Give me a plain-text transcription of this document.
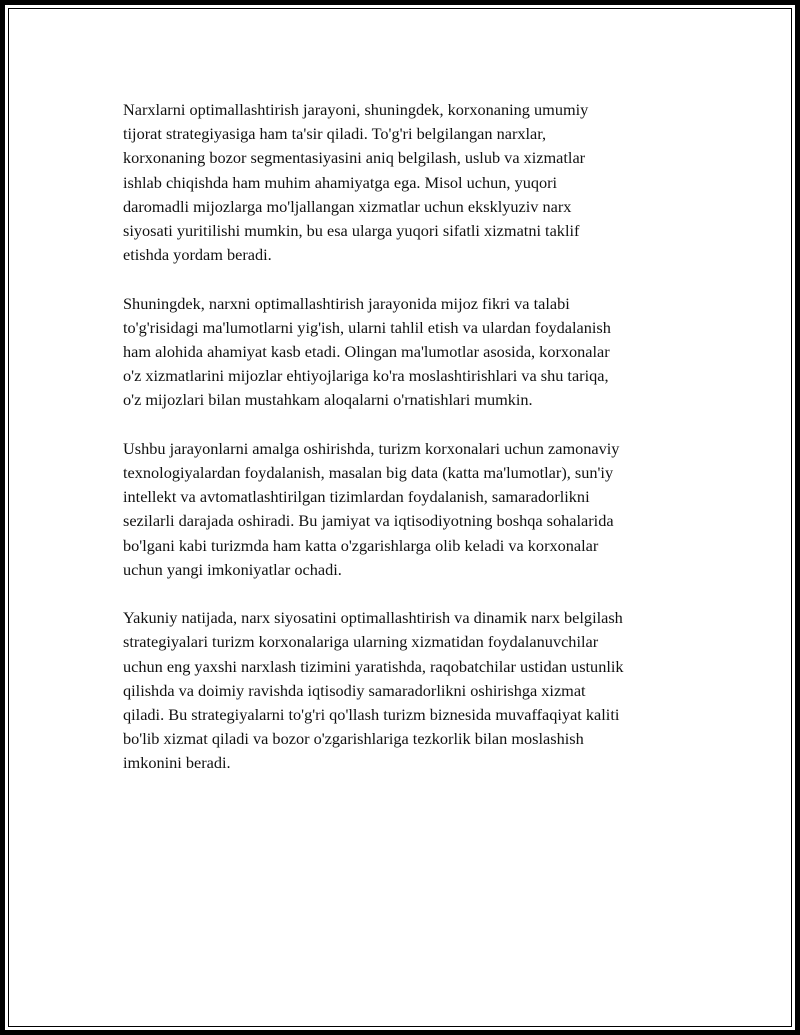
Narxlarni optimallashtirish jarayoni, shuningdek, korxonaning umumiy
tijorat strategiyasiga ham ta'sir qiladi. To'g'ri belgilangan narxlar,
korxonaning bozor segmentasiyasini aniq belgilash, uslub va xizmatlar
ishlab chiqishda ham muhim ahamiyatga ega. Misol uchun, yuqori
daromadli mijozlarga mo'ljallangan xizmatlar uchun eksklyuziv narx
siyosati yuritilishi mumkin, bu esa ularga yuqori sifatli xizmatni taklif
etishda yordam beradi.

Shuningdek, narxni optimallashtirish jarayonida mijoz fikri va talabi
to'g'risidagi ma'lumotlarni yig'ish, ularni tahlil etish va ulardan foydalanish
ham alohida ahamiyat kasb etadi. Olingan ma'lumotlar asosida, korxonalar
o'z xizmatlarini mijozlar ehtiyojlariga ko'ra moslashtirishlari va shu tariqa,
o'z mijozlari bilan mustahkam aloqalarni o'rnatishlari mumkin.

Ushbu jarayonlarni amalga oshirishda, turizm korxonalari uchun zamonaviy
texnologiyalardan foydalanish, masalan big data (katta ma'lumotlar), sun'iy
intellekt va avtomatlashtirilgan tizimlardan foydalanish, samaradorlikni
sezilarli darajada oshiradi. Bu jamiyat va iqtisodiyotning boshqa sohalarida
bo'lgani kabi turizmda ham katta o'zgarishlarga olib keladi va korxonalar
uchun yangi imkoniyatlar ochadi.

Yakuniy natijada, narx siyosatini optimallashtirish va dinamik narx belgilash
strategiyalari turizm korxonalariga ularning xizmatidan foydalanuvchilar
uchun eng yaxshi narxlash tizimini yaratishda, raqobatchilar ustidan ustunlik
qilishda va doimiy ravishda iqtisodiy samaradorlikni oshirishga xizmat
qiladi. Bu strategiyalarni to'g'ri qo'llash turizm biznesida muvaffaqiyat kaliti
bo'lib xizmat qiladi va bozor o'zgarishlariga tezkorlik bilan moslashish
imkonini beradi.
